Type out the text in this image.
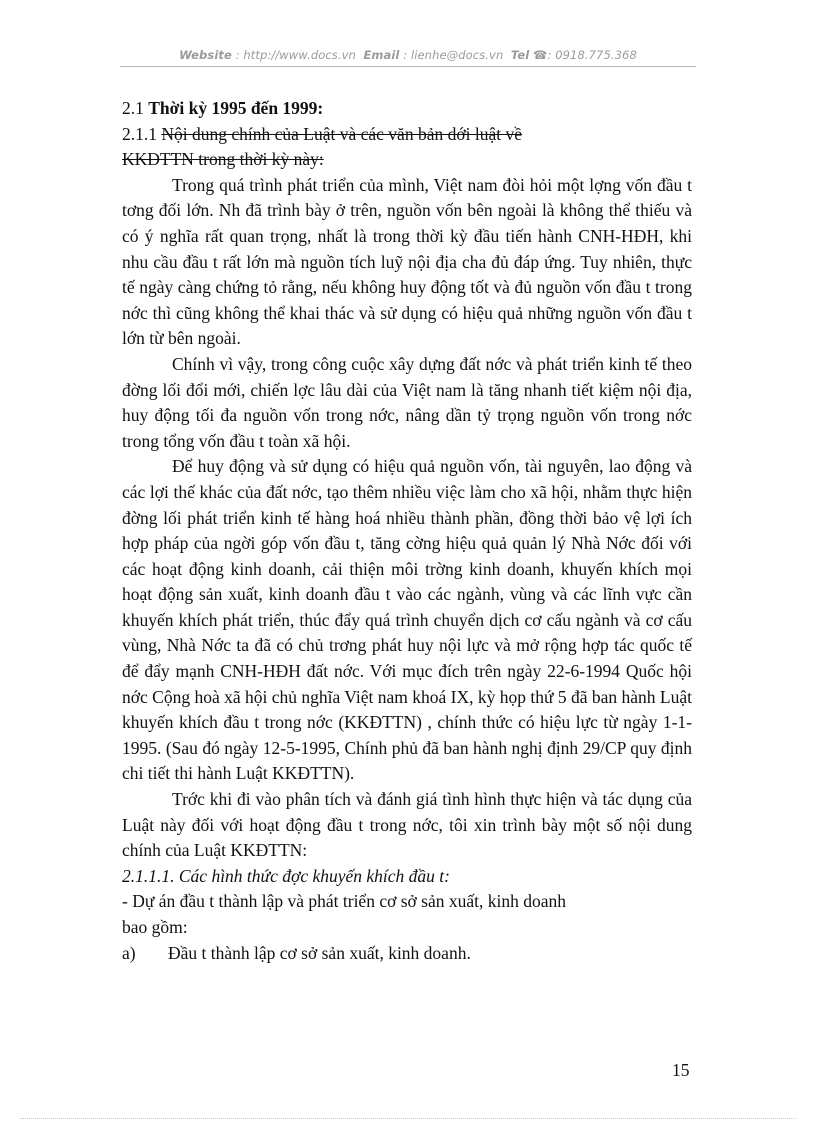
Website : http://www.docs.vn Email : lienhe@docs.vn Tel ☎: 0918.775.368

2.1 Thời kỳ 1995 đến 1999:

2.1.1 Nội dung chính của Luật và các văn bản dới luật về

KKĐTTN trong thời kỳ này:

Trong quá trình phát triển của mình, Việt nam đòi hỏi một lợng vốn đầu t tơng đối lớn. Nh đã trình bày ở trên, nguồn vốn bên ngoài là không thể thiếu và có ý nghĩa rất quan trọng, nhất là trong thời kỳ đầu tiến hành CNH-HĐH, khi nhu cầu đầu t rất lớn mà nguồn tích luỹ nội địa cha đủ đáp ứng. Tuy nhiên, thực tế ngày càng chứng tỏ rằng, nếu không huy động tốt và đủ nguồn vốn đầu t trong nớc thì cũng không thể khai thác và sử dụng có hiệu quả những nguồn vốn đầu t lớn từ bên ngoài.

Chính vì vậy, trong công cuộc xây dựng đất nớc và phát triển kinh tế theo đờng lối đổi mới, chiến lợc lâu dài của Việt nam là tăng nhanh tiết kiệm nội địa, huy động tối đa nguồn vốn trong nớc, nâng dần tỷ trọng nguồn vốn trong nớc trong tổng vốn đầu t toàn xã hội.

Để huy động và sử dụng có hiệu quả nguồn vốn, tài nguyên, lao động và các lợi thế khác của đất nớc, tạo thêm nhiều việc làm cho xã hội, nhằm thực hiện đờng lối phát triển kinh tế hàng hoá nhiều thành phần, đồng thời bảo vệ lợi ích hợp pháp của ngời góp vốn đầu t, tăng cờng hiệu quả quản lý Nhà Nớc đối với các hoạt động kinh doanh, cải thiện môi trờng kinh doanh, khuyến khích mọi hoạt động sản xuất, kinh doanh đầu t vào các ngành, vùng và các lĩnh vực cần khuyến khích phát triển, thúc đẩy quá trình chuyển dịch cơ cấu ngành và cơ cấu vùng, Nhà Nớc ta đã có chủ trơng phát huy nội lực và mở rộng hợp tác quốc tế để đẩy mạnh CNH-HĐH đất nớc. Với mục đích trên ngày 22-6-1994 Quốc hội nớc Cộng hoà xã hội chủ nghĩa Việt nam khoá IX, kỳ họp thứ 5 đã ban hành Luật khuyến khích đầu t trong nớc (KKĐTTN) , chính thức có hiệu lực từ ngày 1-1-1995. (Sau đó ngày 12-5-1995, Chính phủ đã ban hành nghị định 29/CP quy định chi tiết thi hành Luật KKĐTTN).

Trớc khi đi vào phân tích và đánh giá tình hình thực hiện và tác dụng của Luật này đối với hoạt động đầu t trong nớc, tôi xin trình bày một số nội dung chính của Luật KKĐTTN:

2.1.1.1. Các hình thức đợc khuyến khích đầu t:

- Dự án đầu t thành lập và phát triển cơ sở sản xuất, kinh doanh

bao gồm:

a) Đầu t thành lập cơ sở sản xuất, kinh doanh.

15
